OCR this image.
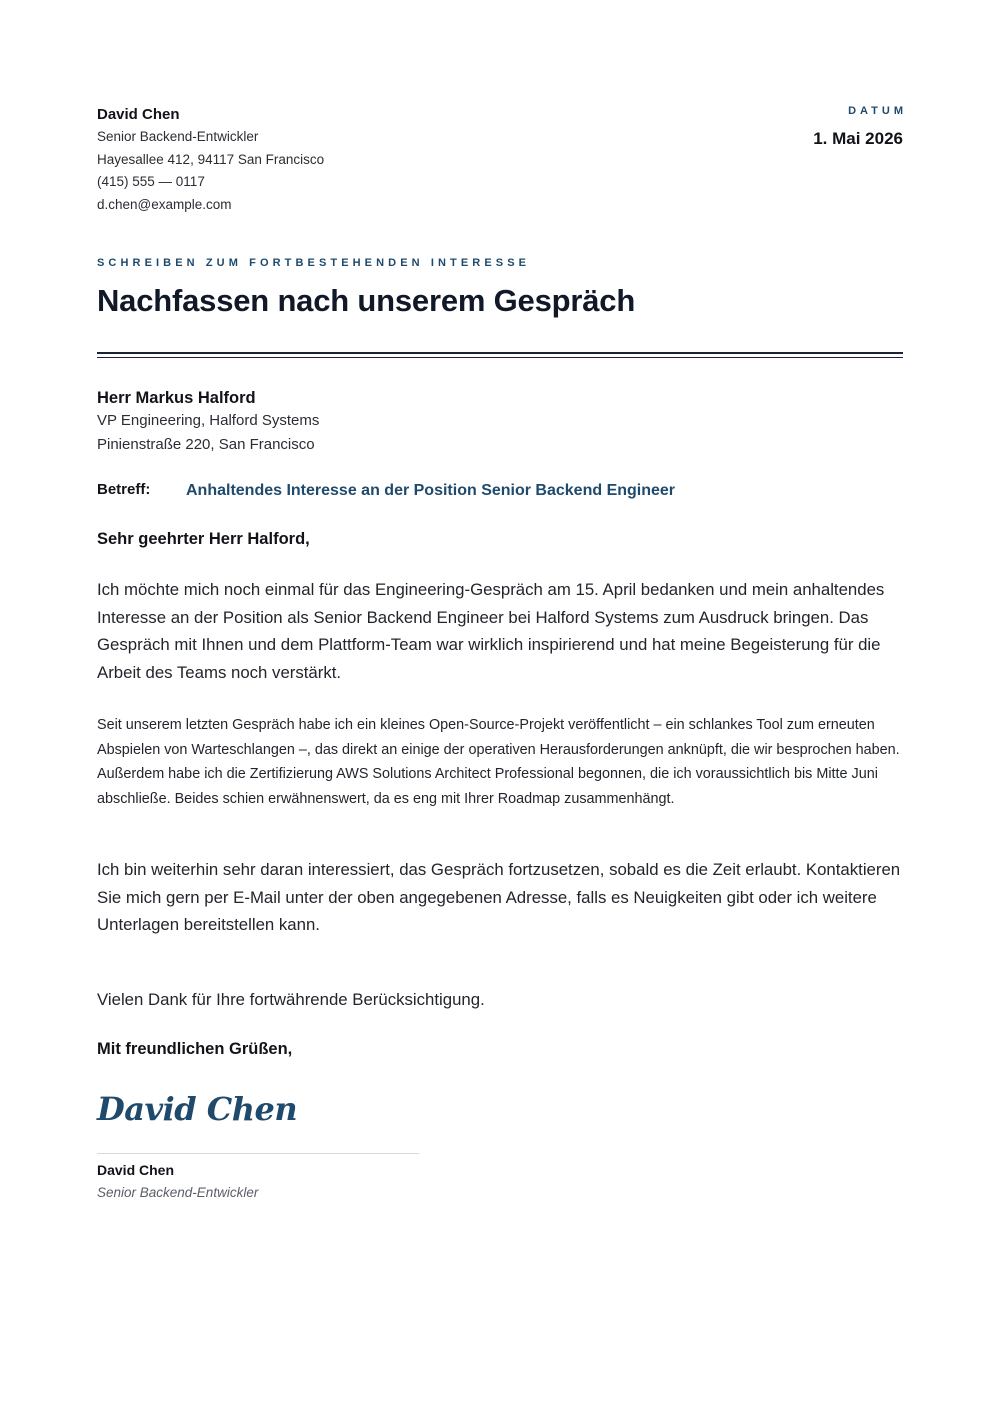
David Chen
Senior Backend-Entwickler
Hayesallee 412, 94117 San Francisco
(415) 555 — 0117
d.chen@example.com
DATUM
1. Mai 2026
SCHREIBEN ZUM FORTBESTEHENDEN INTERESSE
Nachfassen nach unserem Gespräch
Herr Markus Halford
VP Engineering, Halford Systems
Pinienstraße 220, San Francisco
Betreff: Anhaltendes Interesse an der Position Senior Backend Engineer
Sehr geehrter Herr Halford,
Ich möchte mich noch einmal für das Engineering-Gespräch am 15. April bedanken und mein anhaltendes Interesse an der Position als Senior Backend Engineer bei Halford Systems zum Ausdruck bringen. Das Gespräch mit Ihnen und dem Plattform-Team war wirklich inspirierend und hat meine Begeisterung für die Arbeit des Teams noch verstärkt.
Seit unserem letzten Gespräch habe ich ein kleines Open-Source-Projekt veröffentlicht – ein schlankes Tool zum erneuten Abspielen von Warteschlangen –, das direkt an einige der operativen Herausforderungen anknüpft, die wir besprochen haben. Außerdem habe ich die Zertifizierung AWS Solutions Architect Professional begonnen, die ich voraussichtlich bis Mitte Juni abschließe. Beides schien erwähnenswert, da es eng mit Ihrer Roadmap zusammenhängt.
Ich bin weiterhin sehr daran interessiert, das Gespräch fortzusetzen, sobald es die Zeit erlaubt. Kontaktieren Sie mich gern per E-Mail unter der oben angegebenen Adresse, falls es Neuigkeiten gibt oder ich weitere Unterlagen bereitstellen kann.
Vielen Dank für Ihre fortwährende Berücksichtigung.
Mit freundlichen Grüßen,
David Chen
David Chen
Senior Backend-Entwickler
